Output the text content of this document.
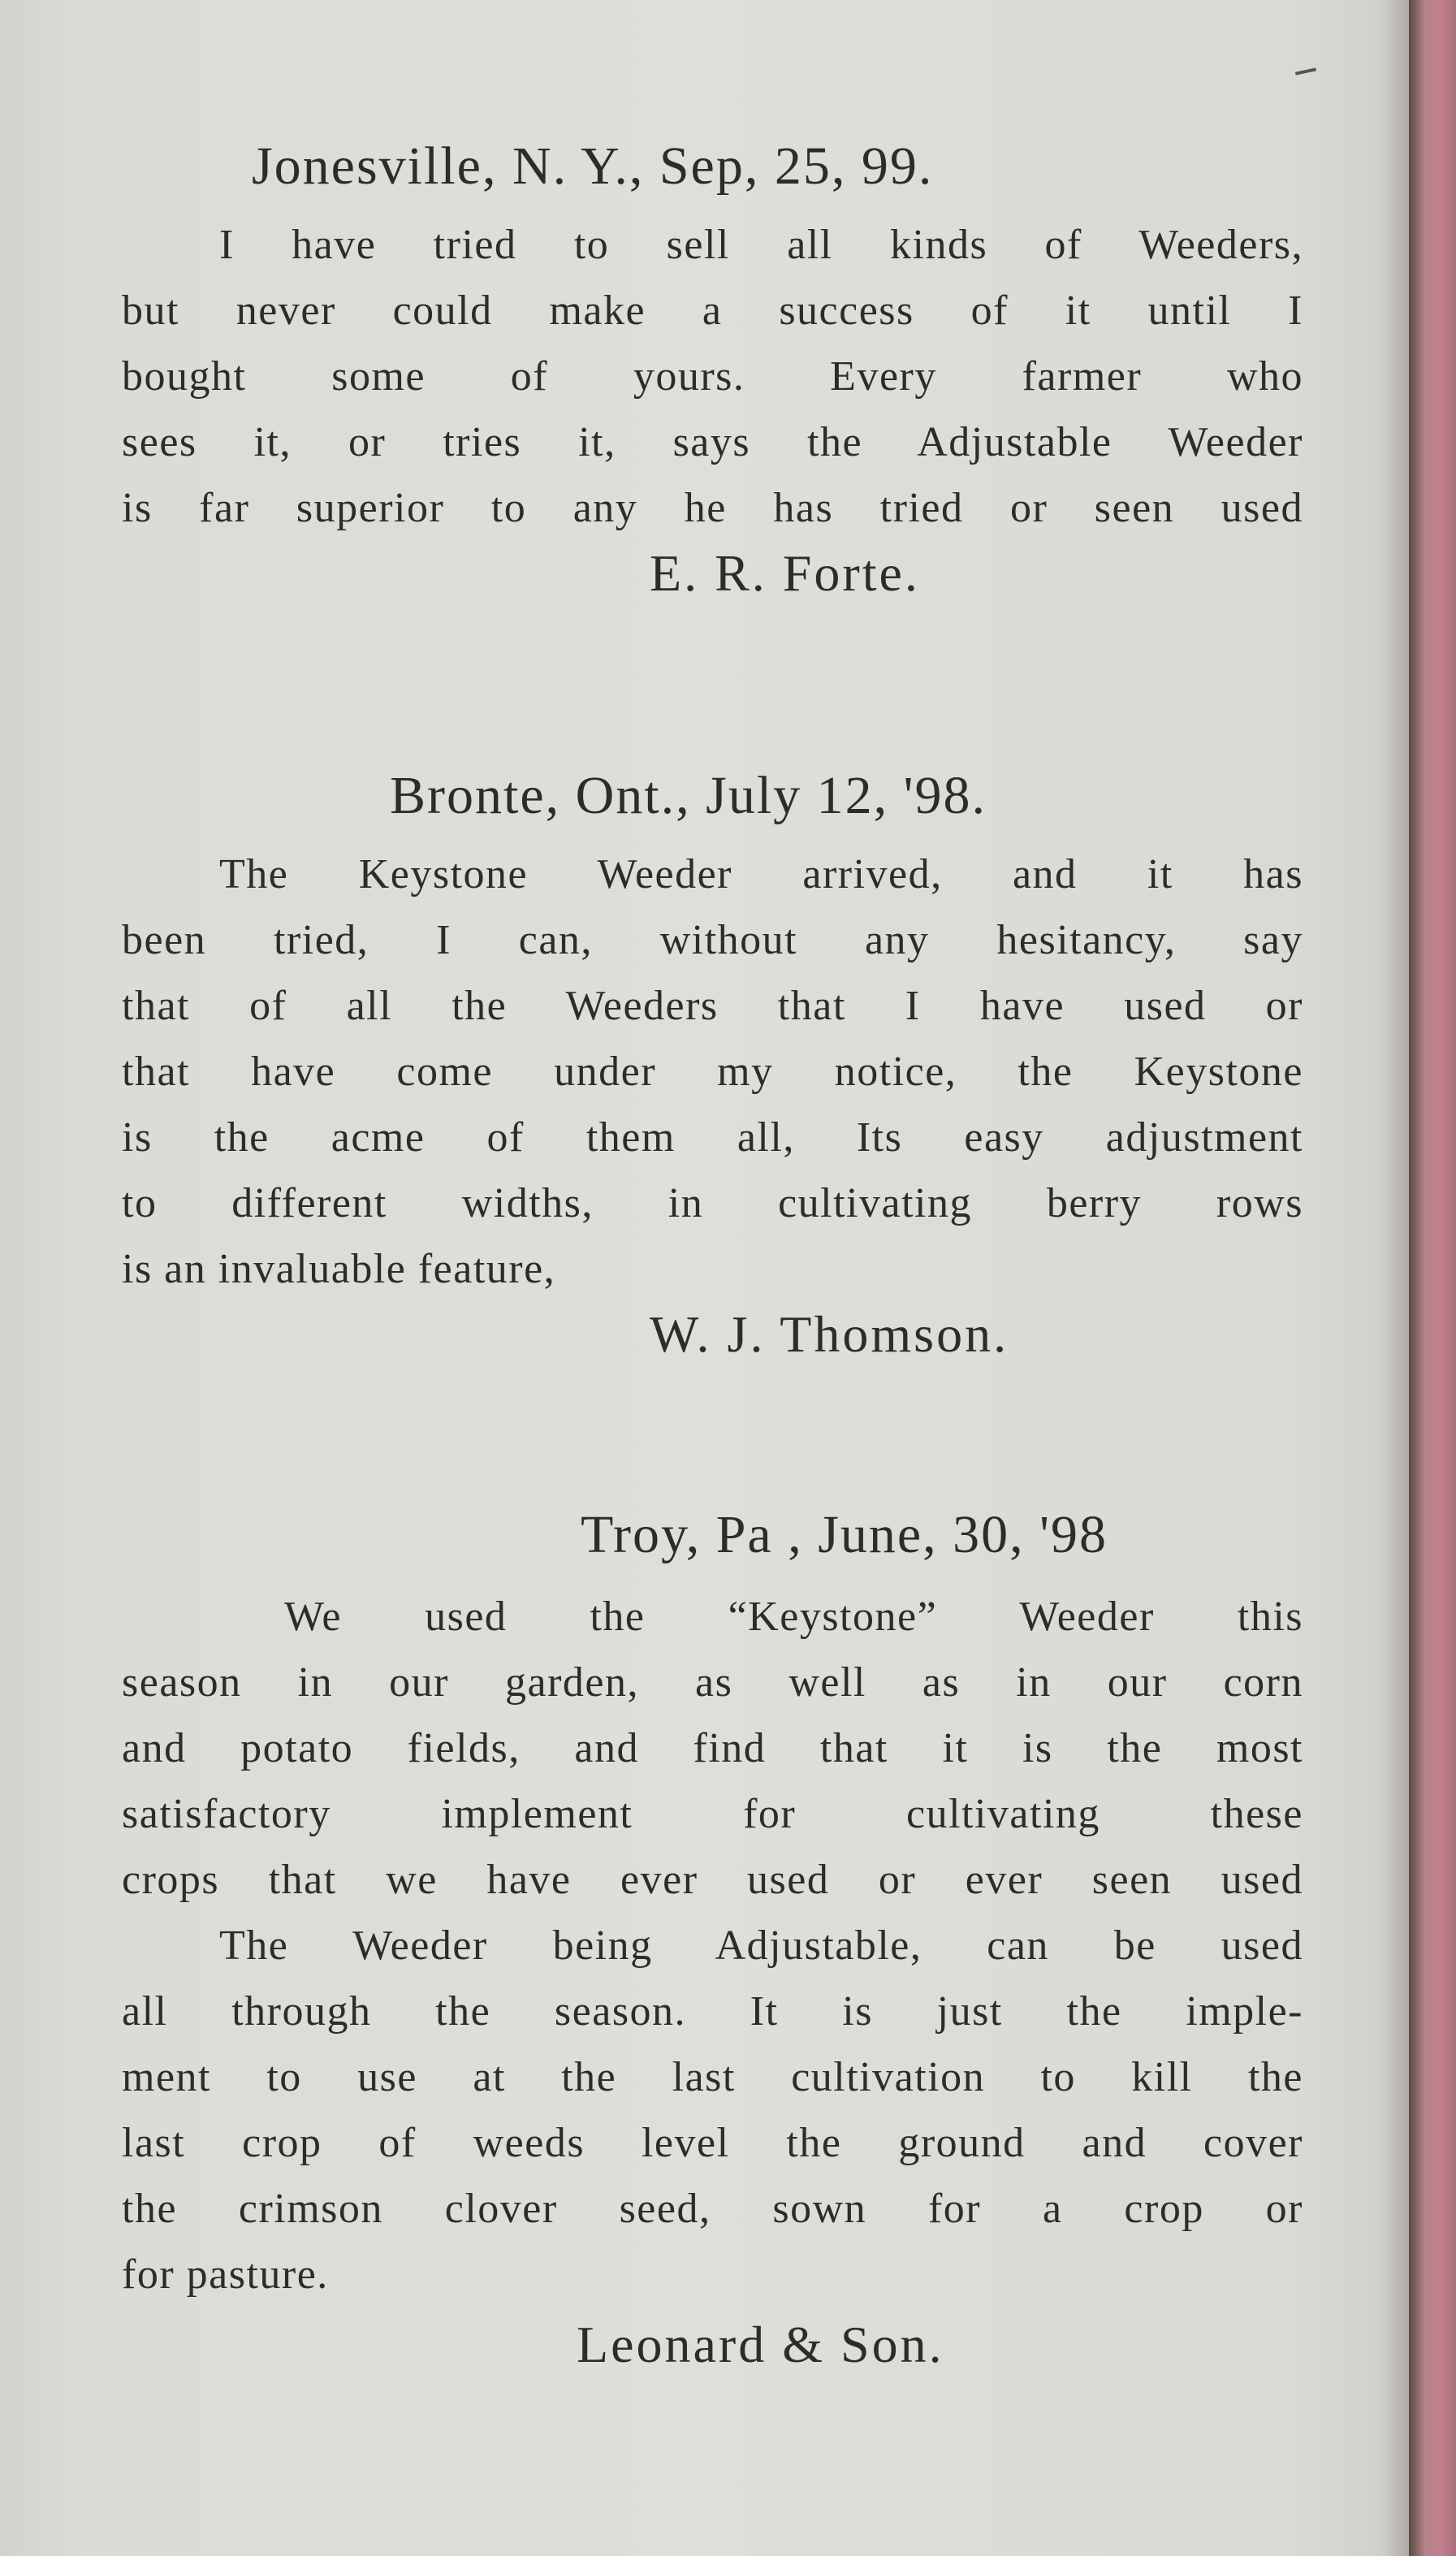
Jonesville, N. Y., Sep, 25, 99.
I have tried to sell all kinds of Weeders,
but never could make a success of it until I
bought some of yours. Every farmer who
sees it, or tries it, says the Adjustable Weeder
is far superior to any he has tried or seen used
E. R. Forte.
Bronte, Ont., July 12, '98.
The Keystone Weeder arrived, and it has
been tried, I can, without any hesitancy, say
that of all the Weeders that I have used or
that have come under my notice, the Keystone
is the acme of them all, Its easy adjustment
to different widths, in cultivating berry rows
is an invaluable feature,
W. J. Thomson.
Troy, Pa , June, 30, '98
We used the “Keystone” Weeder this
season in our garden, as well as in our corn
and potato fields, and find that it is the most
satisfactory implement for cultivating these
crops that we have ever used or ever seen used
The Weeder being Adjustable, can be used
all through the season. It is just the imple-
ment to use at the last cultivation to kill the
last crop of weeds level the ground and cover
the crimson clover seed, sown for a crop or
for pasture.
Leonard & Son.
